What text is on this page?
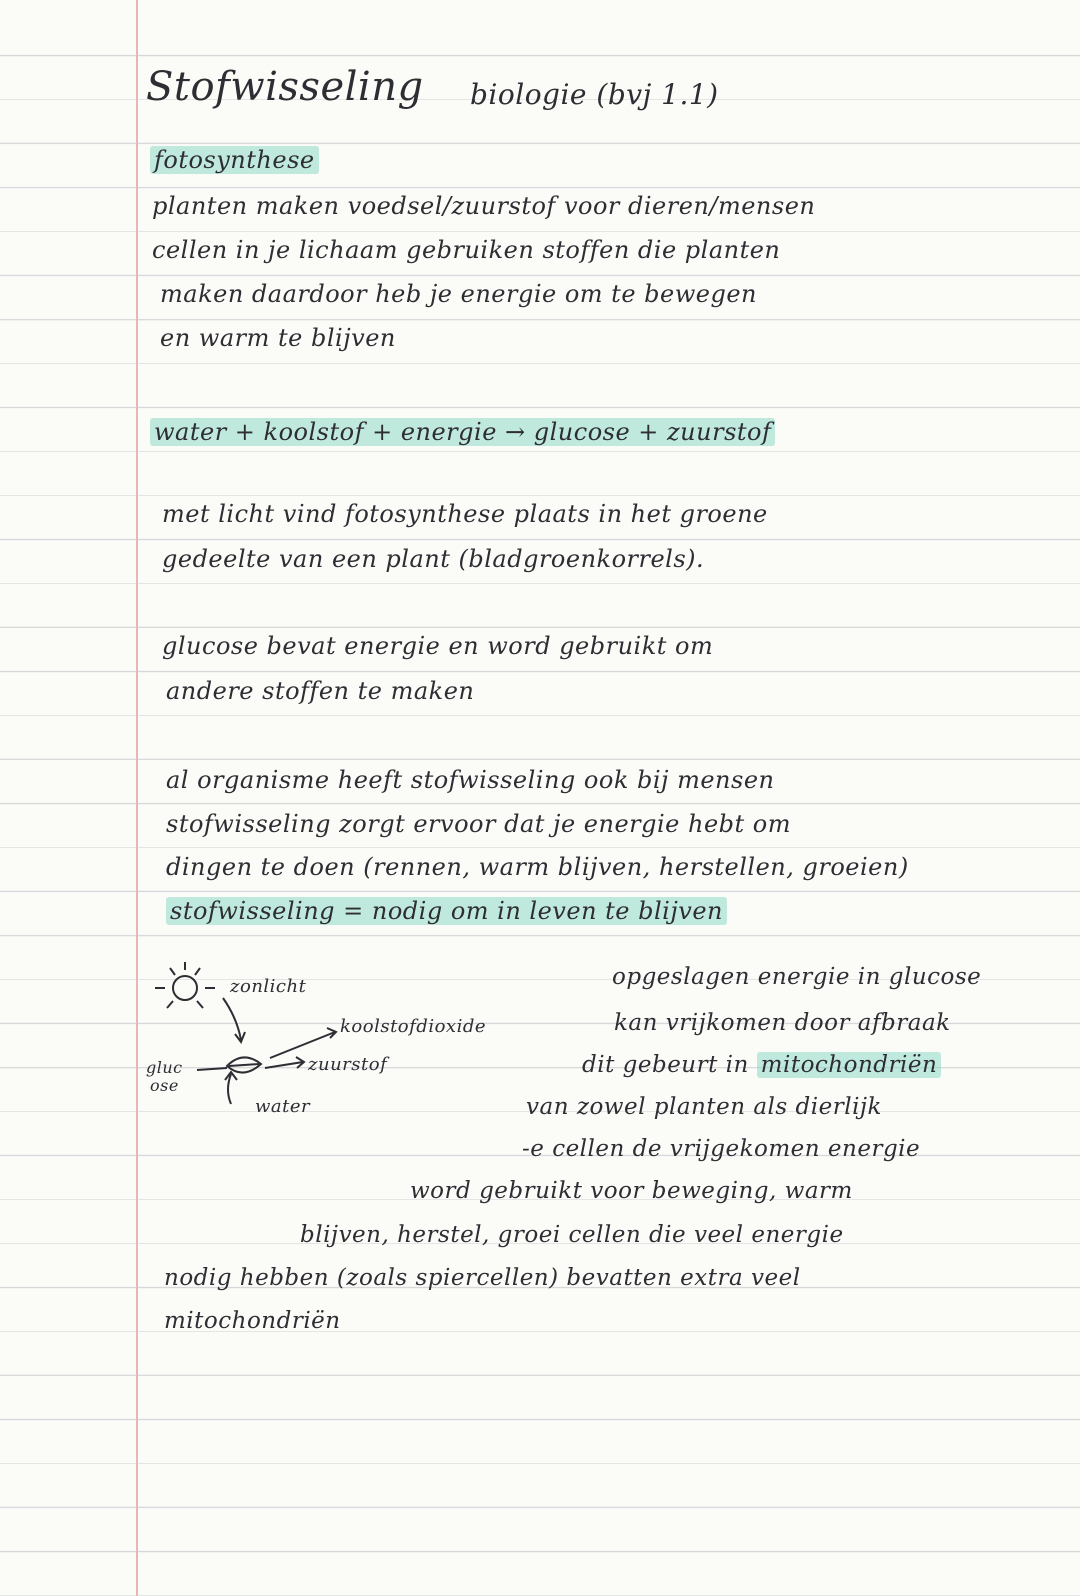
Stofwisseling biologie (bvj 1.1)
fotosynthese
planten maken voedsel/zuurstof voor dieren/mensen
cellen in je lichaam gebruiken stoffen die planten
maken daardoor heb je energie om te bewegen
en warm te blijven
water + koolstof + energie → glucose + zuurstof
met licht vind fotosynthese plaats in het groene
gedeelte van een plant (bladgroenkorrels).
glucose bevat energie en word gebruikt om
andere stoffen te maken
al organisme heeft stofwisseling ook bij mensen
stofwisseling zorgt ervoor dat je energie hebt om
dingen te doen (rennen, warm blijven, herstellen, groeien)
stofwisseling = nodig om in leven te blijven
zonlicht
koolstofdioxide
zuurstof
gluc
ose
water
opgeslagen energie in glucose
kan vrijkomen door afbraak
dit gebeurt in mitochondriën
van zowel planten als dierlijk
-e cellen de vrijgekomen energie
word gebruikt voor beweging, warm
blijven, herstel, groei cellen die veel energie
nodig hebben (zoals spiercellen) bevatten extra veel
mitochondriën
